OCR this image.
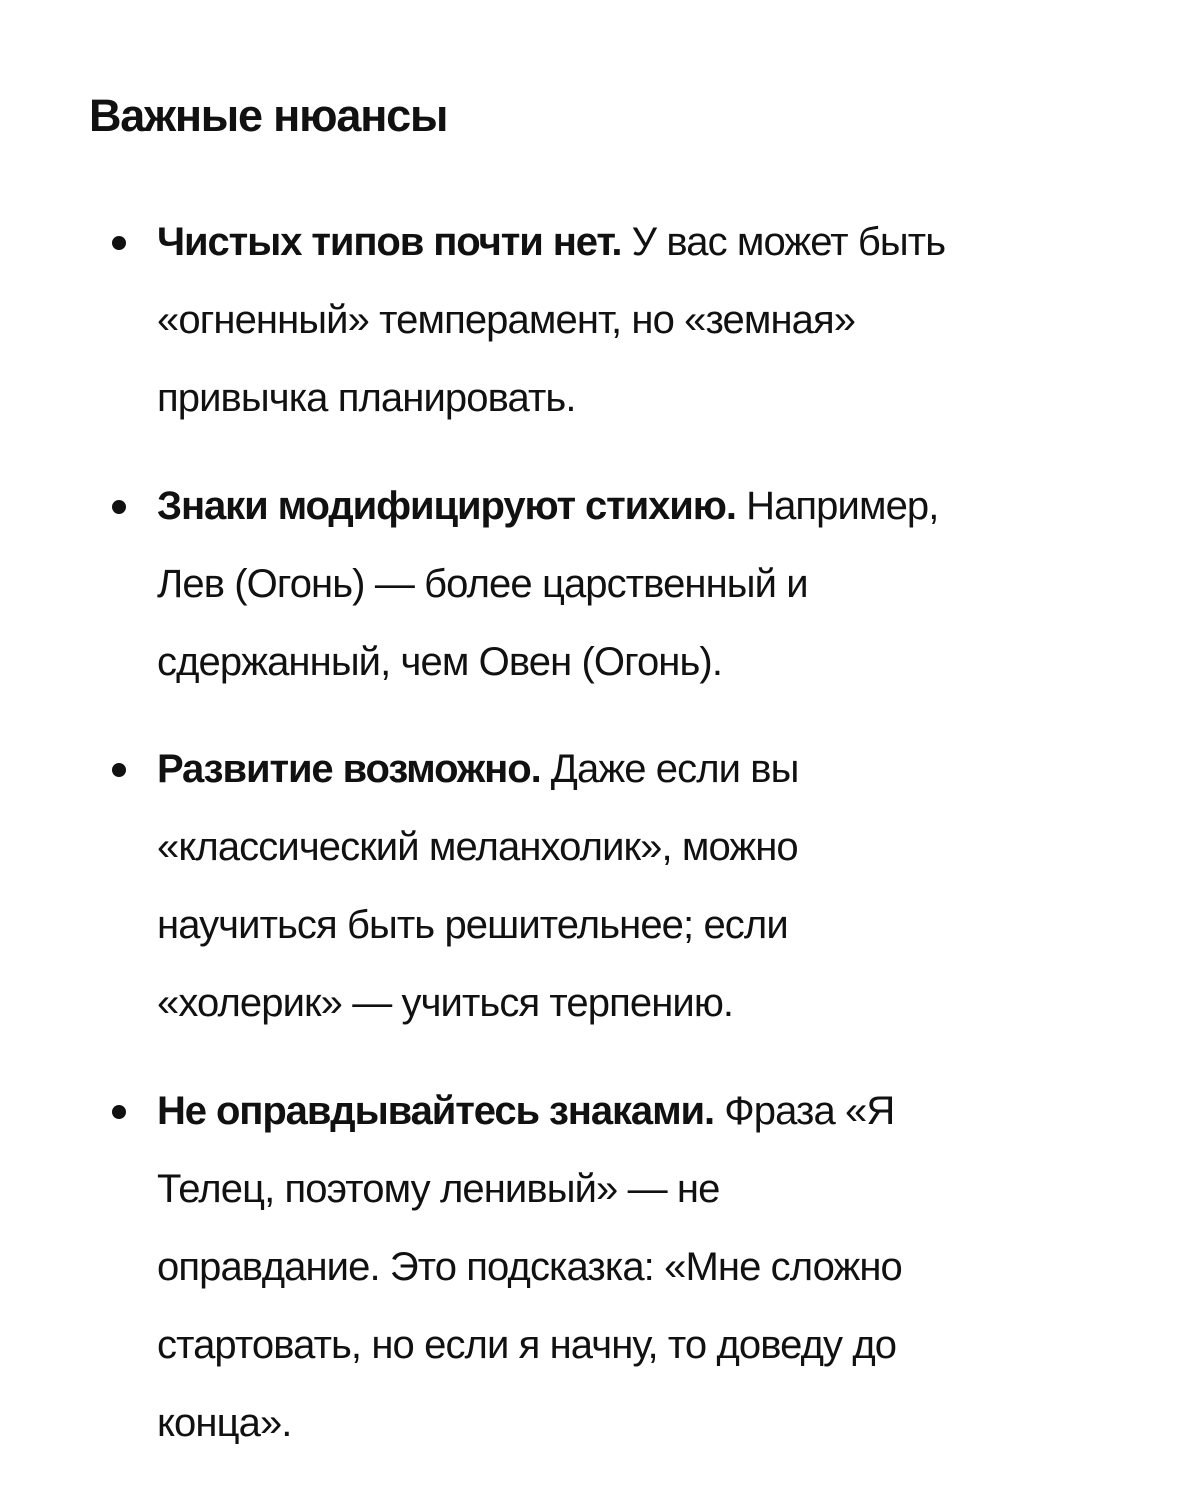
Важные нюансы

Чистых типов почти нет. У вас может быть
«огненный» темперамент, но «земная»
привычка планировать.

Знаки модифицируют стихию. Например,
Лев (Огонь) — более царственный и
сдержанный, чем Овен (Огонь).

Развитие возможно. Даже если вы
«классический меланхолик», можно
научиться быть решительнее; если
«холерик» — учиться терпению.

Не оправдывайтесь знаками. Фраза «Я
Телец, поэтому ленивый» — не
оправдание. Это подсказка: «Мне сложно
стартовать, но если я начну, то доведу до
конца».
